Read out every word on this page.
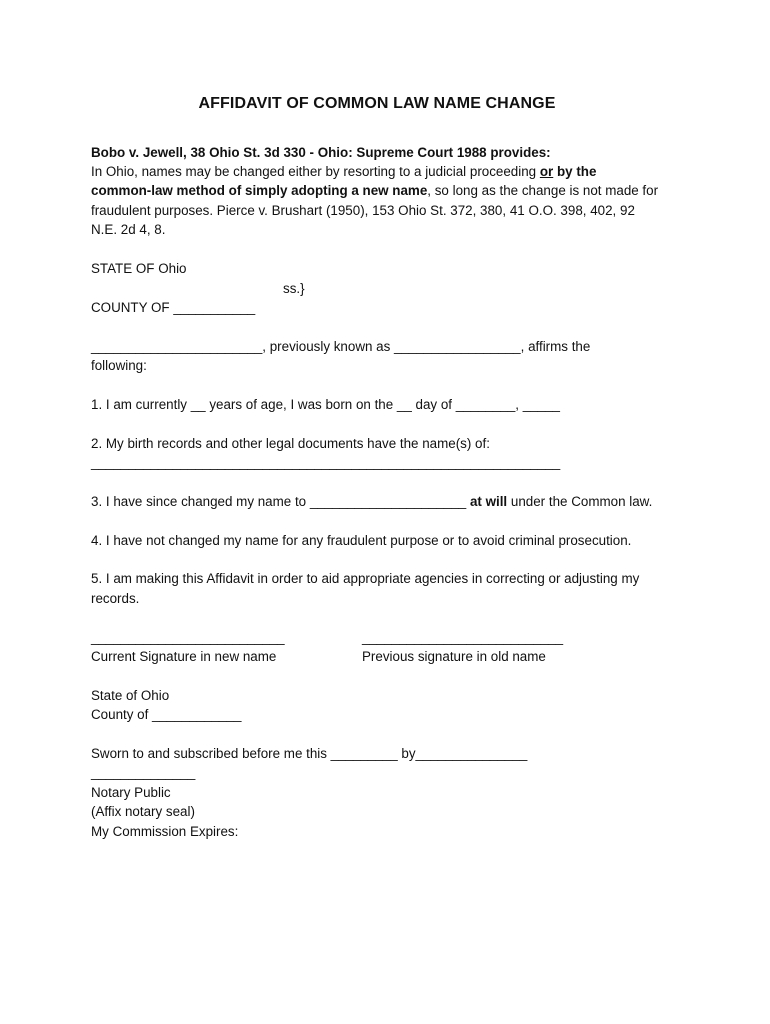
AFFIDAVIT OF COMMON LAW NAME CHANGE
Bobo v. Jewell, 38 Ohio St. 3d 330 - Ohio: Supreme Court 1988 provides:
In Ohio, names may be changed either by resorting to a judicial proceeding or by the
common-law method of simply adopting a new name, so long as the change is not made for
fraudulent purposes. Pierce v. Brushart (1950), 153 Ohio St. 372, 380, 41 O.O. 398, 402, 92
N.E. 2d 4, 8.
STATE OF Ohio
ss.}
COUNTY OF ___________
_______________________, previously known as _________________, affirms the
following:
1. I am currently __ years of age, I was born on the __ day of ________, _____
2. My birth records and other legal documents have the name(s) of:
_______________________________________________________________
3. I have since changed my name to _____________________ at will under the Common law.
4. I have not changed my name for any fraudulent purpose or to avoid criminal prosecution.
5. I am making this Affidavit in order to aid appropriate agencies in correcting or adjusting my
records.
__________________________	___________________________
Current Signature in new name	Previous signature in old name
State of Ohio
County of ____________
Sworn to and subscribed before me this _________ by_______________
______________
Notary Public
(Affix notary seal)
My Commission Expires:
